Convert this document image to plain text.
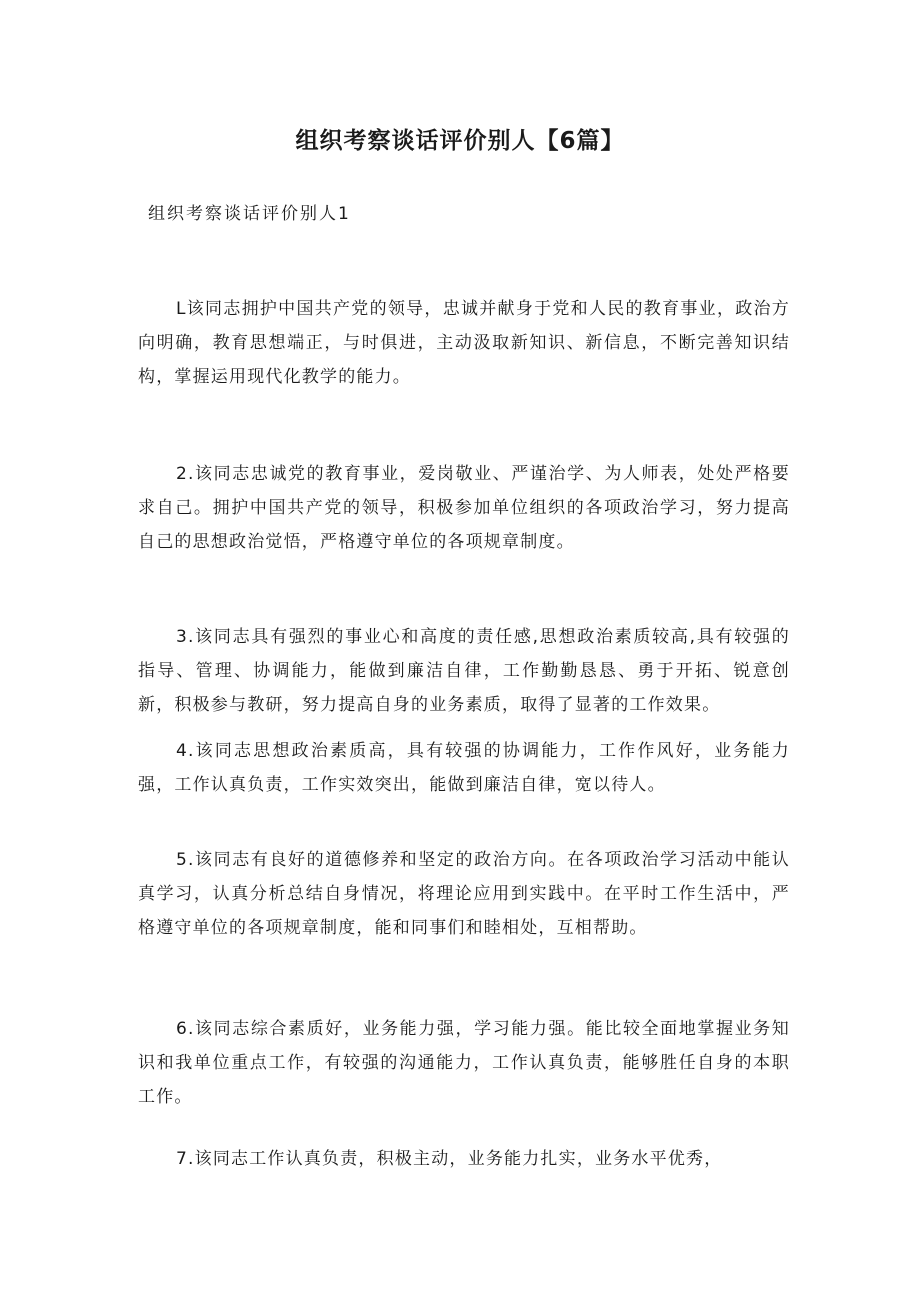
组织考察谈话评价别人【6篇】

组织考察谈话评价别人1

L该同志拥护中国共产党的领导，忠诚并献身于党和人民的教育事业，政治方向明确，教育思想端正，与时俱进，主动汲取新知识、新信息，不断完善知识结构，掌握运用现代化教学的能力。

2.该同志忠诚党的教育事业，爱岗敬业、严谨治学、为人师表，处处严格要求自己。拥护中国共产党的领导，积极参加单位组织的各项政治学习，努力提高自己的思想政治觉悟，严格遵守单位的各项规章制度。

3.该同志具有强烈的事业心和高度的责任感,思想政治素质较高,具有较强的指导、管理、协调能力，能做到廉洁自律，工作勤勤恳恳、勇于开拓、锐意创新，积极参与教研，努力提高自身的业务素质，取得了显著的工作效果。

4.该同志思想政治素质高，具有较强的协调能力，工作作风好，业务能力强，工作认真负责，工作实效突出，能做到廉洁自律，宽以待人。

5.该同志有良好的道德修养和坚定的政治方向。在各项政治学习活动中能认真学习，认真分析总结自身情况，将理论应用到实践中。在平时工作生活中，严格遵守单位的各项规章制度，能和同事们和睦相处，互相帮助。

6.该同志综合素质好，业务能力强，学习能力强。能比较全面地掌握业务知识和我单位重点工作，有较强的沟通能力，工作认真负责，能够胜任自身的本职工作。

7.该同志工作认真负责，积极主动，业务能力扎实，业务水平优秀，
